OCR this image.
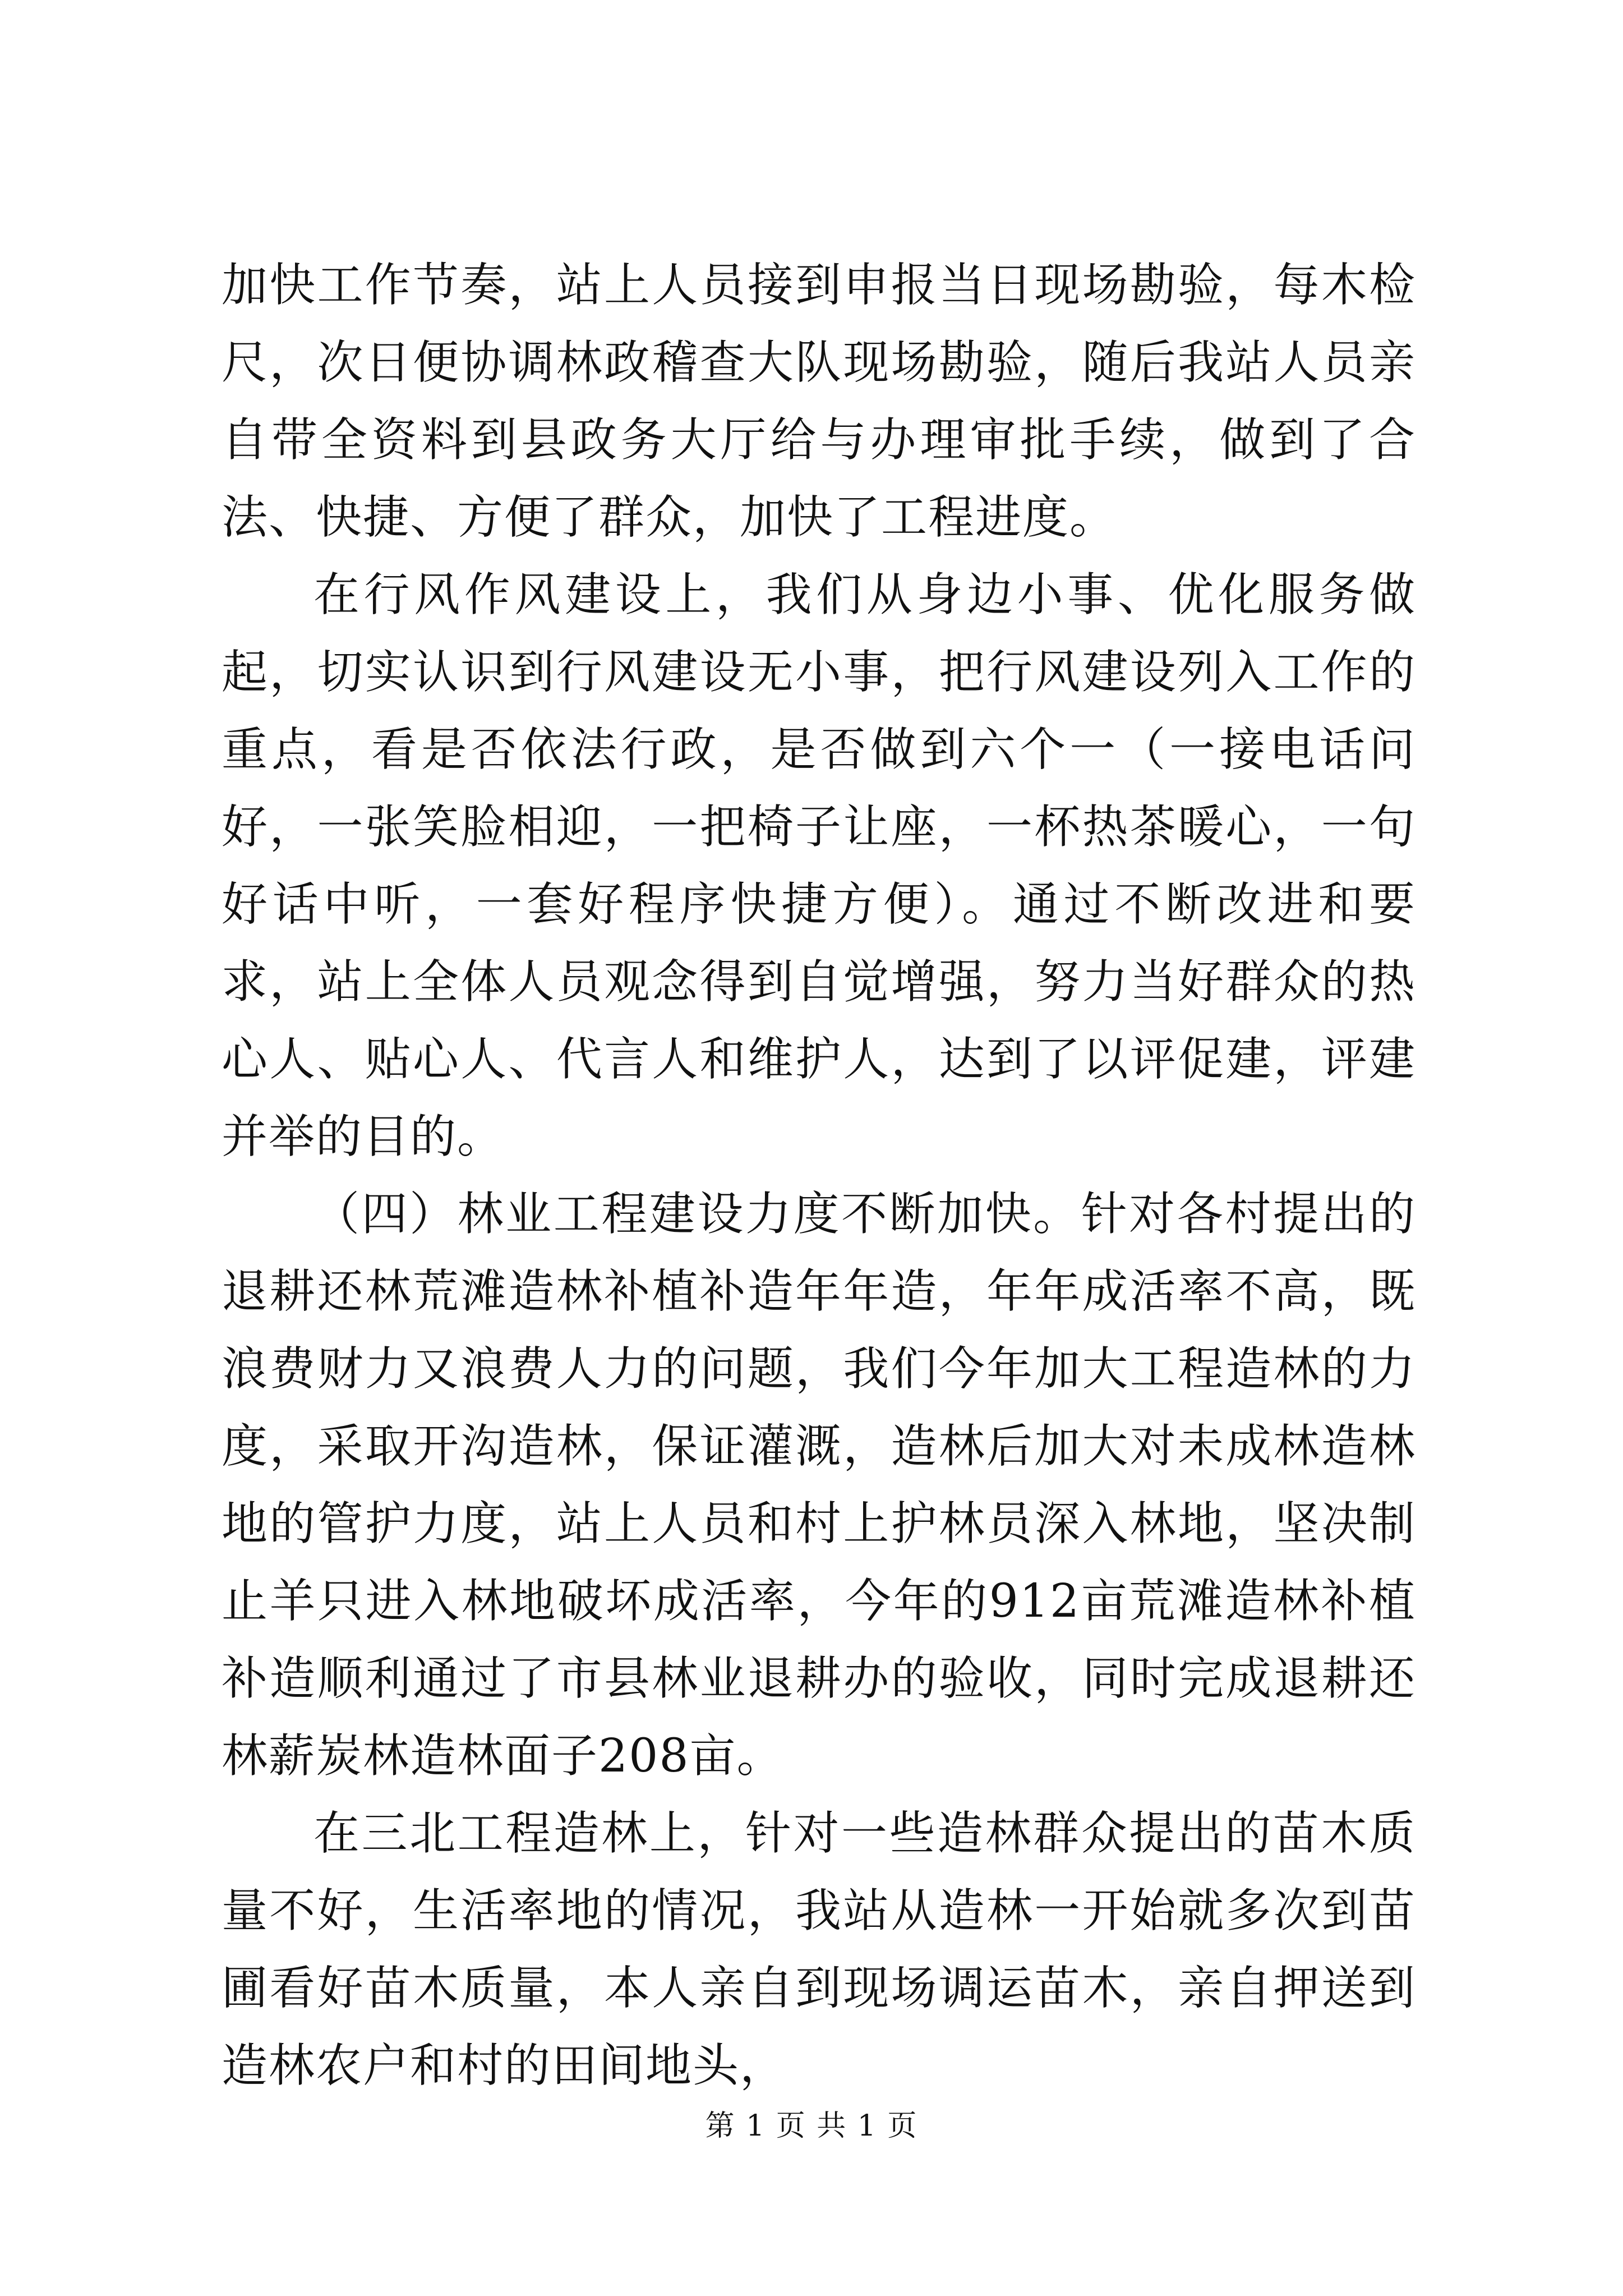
加快工作节奏，站上人员接到申报当日现场勘验，每木检尺，次日便协调林政稽查大队现场勘验，随后我站人员亲自带全资料到县政务大厅给与办理审批手续，做到了合法、快捷、方便了群众，加快了工程进度。

在行风作风建设上，我们从身边小事、优化服务做起，切实认识到行风建设无小事，把行风建设列入工作的重点，看是否依法行政，是否做到六个一（一接电话问好，一张笑脸相迎，一把椅子让座，一杯热茶暖心，一句好话中听，一套好程序快捷方便）。通过不断改进和要求，站上全体人员观念得到自觉增强，努力当好群众的热心人、贴心人、代言人和维护人，达到了以评促建，评建并举的目的。

（四）林业工程建设力度不断加快。针对各村提出的退耕还林荒滩造林补植补造年年造，年年成活率不高，既浪费财力又浪费人力的问题，我们今年加大工程造林的力度，采取开沟造林，保证灌溉，造林后加大对未成林造林地的管护力度，站上人员和村上护林员深入林地，坚决制止羊只进入林地破坏成活率，今年的912亩荒滩造林补植补造顺利通过了市县林业退耕办的验收，同时完成退耕还林薪炭林造林面子208亩。

在三北工程造林上，针对一些造林群众提出的苗木质量不好，生活率地的情况，我站从造林一开始就多次到苗圃看好苗木质量，本人亲自到现场调运苗木，亲自押送到造林农户和村的田间地头，

第 1 页 共 1 页
